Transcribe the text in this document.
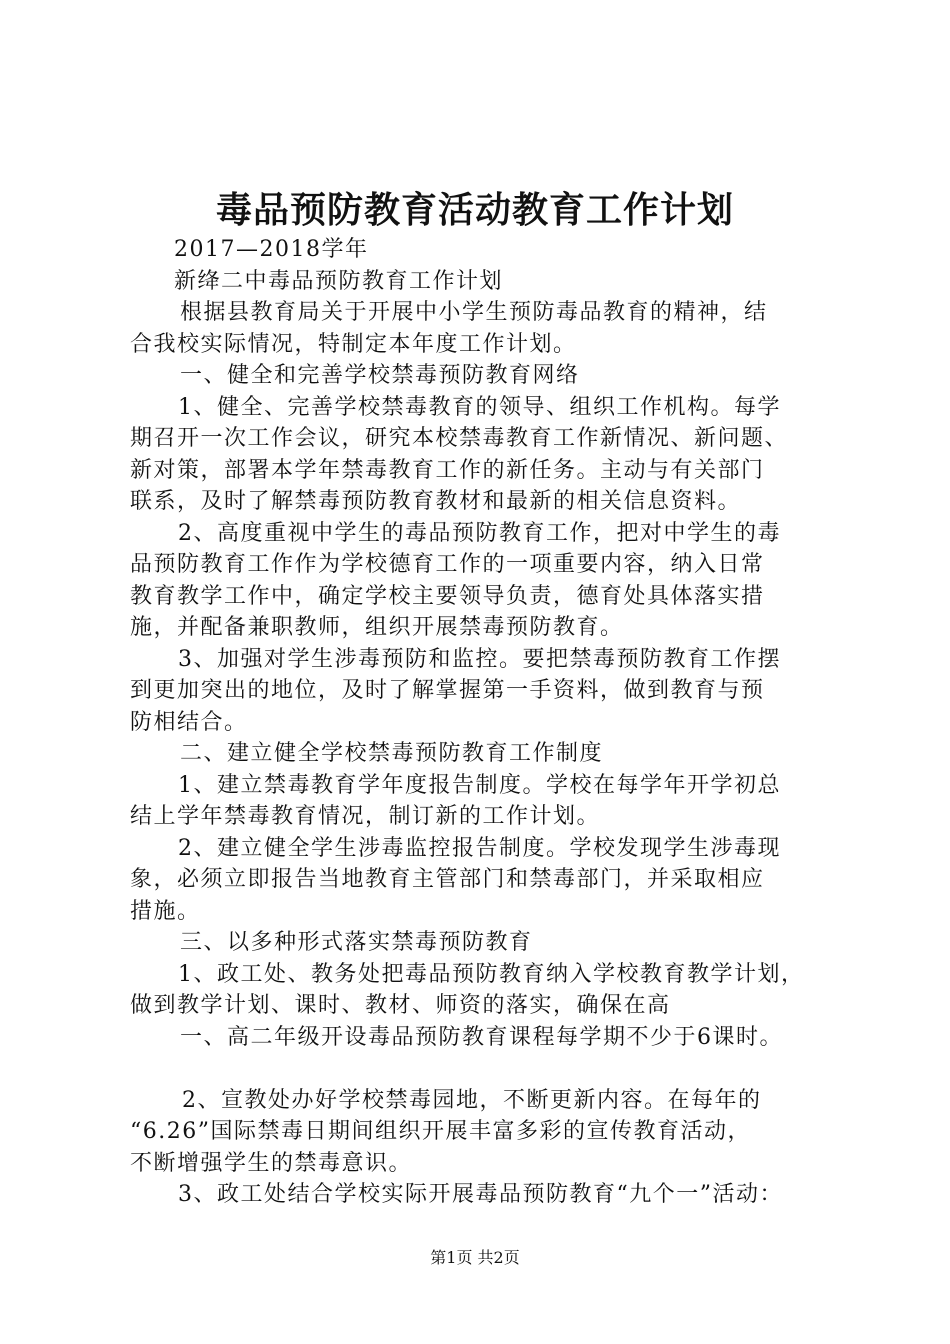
毒品预防教育活动教育工作计划
2017—2018学年
新绛二中毒品预防教育工作计划
根据县教育局关于开展中小学生预防毒品教育的精神，结
合我校实际情况，特制定本年度工作计划。
一、健全和完善学校禁毒预防教育网络
1、健全、完善学校禁毒教育的领导、组织工作机构。每学
期召开一次工作会议，研究本校禁毒教育工作新情况、新问题、
新对策，部署本学年禁毒教育工作的新任务。主动与有关部门
联系，及时了解禁毒预防教育教材和最新的相关信息资料。
2、高度重视中学生的毒品预防教育工作，把对中学生的毒
品预防教育工作作为学校德育工作的一项重要内容，纳入日常
教育教学工作中，确定学校主要领导负责，德育处具体落实措
施，并配备兼职教师，组织开展禁毒预防教育。
3、加强对学生涉毒预防和监控。要把禁毒预防教育工作摆
到更加突出的地位，及时了解掌握第一手资料，做到教育与预
防相结合。
二、建立健全学校禁毒预防教育工作制度
1、建立禁毒教育学年度报告制度。学校在每学年开学初总
结上学年禁毒教育情况，制订新的工作计划。
2、建立健全学生涉毒监控报告制度。学校发现学生涉毒现
象，必须立即报告当地教育主管部门和禁毒部门，并采取相应
措施。
三、以多种形式落实禁毒预防教育
1、政工处、教务处把毒品预防教育纳入学校教育教学计划，
做到教学计划、课时、教材、师资的落实，确保在高
一、高二年级开设毒品预防教育课程每学期不少于6课时。
2、宣教处办好学校禁毒园地，不断更新内容。在每年的
“6.26”国际禁毒日期间组织开展丰富多彩的宣传教育活动，
不断增强学生的禁毒意识。
3、政工处结合学校实际开展毒品预防教育“九个一”活动：
第1页 共2页
